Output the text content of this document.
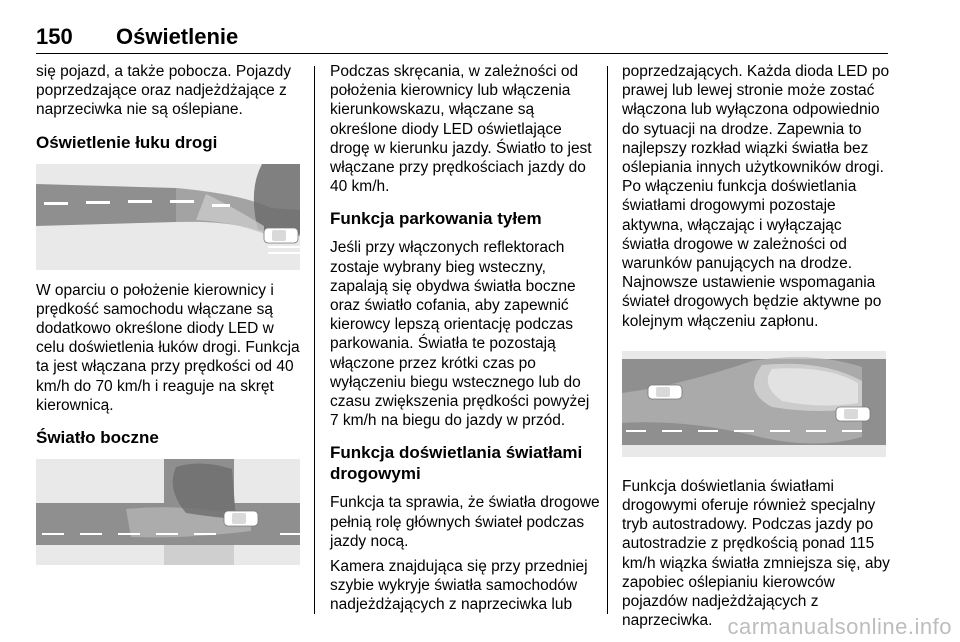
150 Oświetlenie

się pojazd, a także pobocza. Pojazdy poprzedzające oraz nadjeżdżające z naprzeciwka nie są oślepiane.

Oświetlenie łuku drogi

W oparciu o położenie kierownicy i prędkość samochodu włączane są dodatkowo określone diody LED w celu doświetlenia łuków drogi. Funkcja ta jest włączana przy prędkości od 40 km/h do 70 km/h i reaguje na skręt kierownicą.

Światło boczne

Podczas skręcania, w zależności od położenia kierownicy lub włączenia kierunkowskazu, włączane są określone diody LED oświetlające drogę w kierunku jazdy. Światło to jest włączane przy prędkościach jazdy do 40 km/h.

Funkcja parkowania tyłem

Jeśli przy włączonych reflektorach zostaje wybrany bieg wsteczny, zapalają się obydwa światła boczne oraz światło cofania, aby zapewnić kierowcy lepszą orientację podczas parkowania. Światła te pozostają włączone przez krótki czas po wyłączeniu biegu wstecznego lub do czasu zwiększenia prędkości powyżej 7 km/h na biegu do jazdy w przód.

Funkcja doświetlania światłami drogowymi

Funkcja ta sprawia, że światła drogowe pełnią rolę głównych świateł podczas jazdy nocą.

Kamera znajdująca się przy przedniej szybie wykryje światła samochodów nadjeżdżających z naprzeciwka lub

poprzedzających. Każda dioda LED po prawej lub lewej stronie może zostać włączona lub wyłączona odpowiednio do sytuacji na drodze. Zapewnia to najlepszy rozkład wiązki światła bez oślepiania innych użytkowników drogi. Po włączeniu funkcja doświetlania światłami drogowymi pozostaje aktywna, włączając i wyłączając światła drogowe w zależności od warunków panujących na drodze. Najnowsze ustawienie wspomagania świateł drogowych będzie aktywne po kolejnym włączeniu zapłonu.

Funkcja doświetlania światłami drogowymi oferuje również specjalny tryb autostradowy. Podczas jazdy po autostradzie z prędkością ponad 115 km/h wiązka światła zmniejsza się, aby zapobiec oślepianiu kierowców pojazdów nadjeżdżających z naprzeciwka. carmanualsonline.info
